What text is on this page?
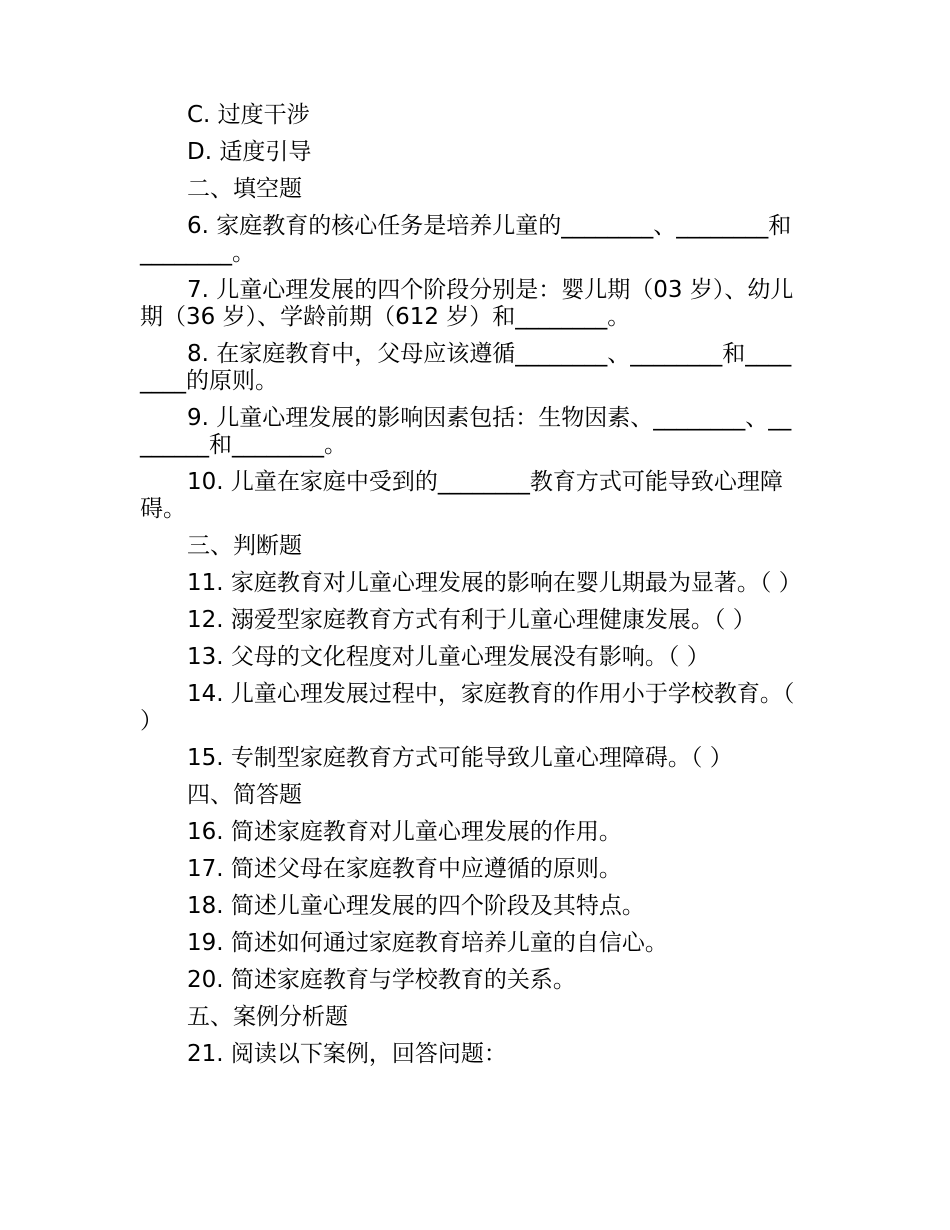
C. 过度干涉

D. 适度引导

二、填空题

6. 家庭教育的核心任务是培养儿童的________、________和________。

7. 儿童心理发展的四个阶段分别是：婴儿期（03 岁）、幼儿期（36 岁）、学龄前期（612 岁）和________。

8. 在家庭教育中，父母应该遵循________、________和________的原则。

9. 儿童心理发展的影响因素包括：生物因素、________、________和________。

10. 儿童在家庭中受到的________教育方式可能导致心理障碍。

三、判断题

11. 家庭教育对儿童心理发展的影响在婴儿期最为显著。（ ）

12. 溺爱型家庭教育方式有利于儿童心理健康发展。（ ）

13. 父母的文化程度对儿童心理发展没有影响。（ ）

14. 儿童心理发展过程中，家庭教育的作用小于学校教育。（ ）

15. 专制型家庭教育方式可能导致儿童心理障碍。（ ）

四、简答题

16. 简述家庭教育对儿童心理发展的作用。

17. 简述父母在家庭教育中应遵循的原则。

18. 简述儿童心理发展的四个阶段及其特点。

19. 简述如何通过家庭教育培养儿童的自信心。

20. 简述家庭教育与学校教育的关系。

五、案例分析题

21. 阅读以下案例，回答问题：
